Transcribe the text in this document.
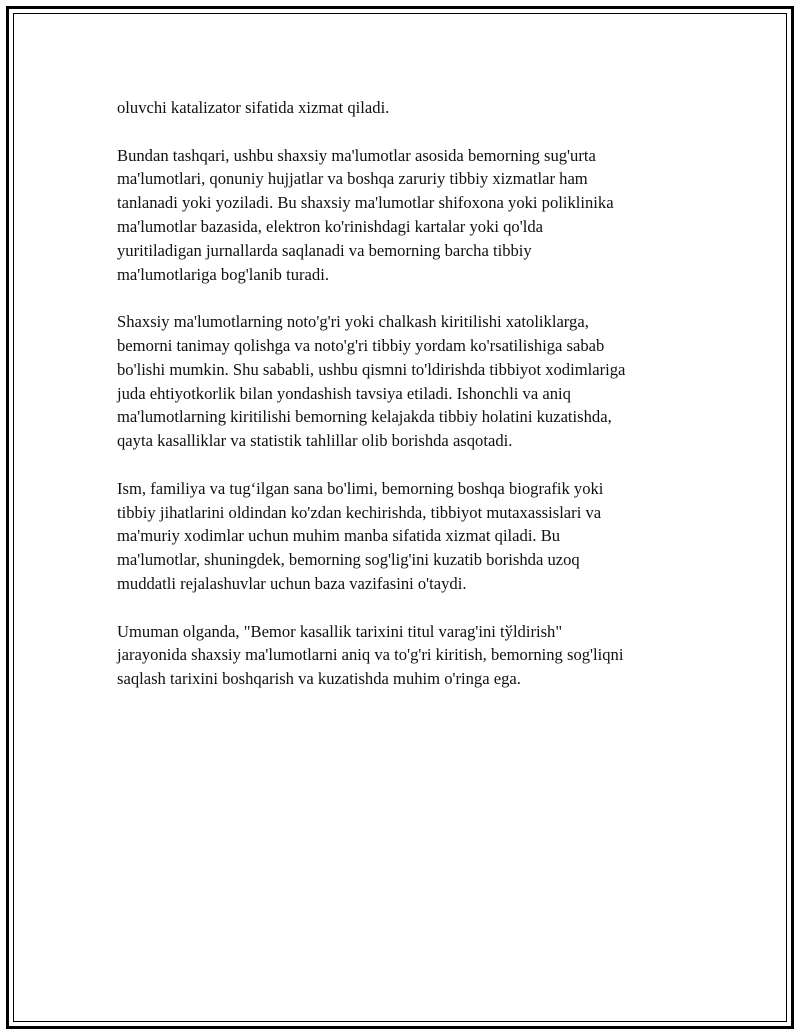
oluvchi katalizator sifatida xizmat qiladi.

Bundan tashqari, ushbu shaxsiy ma'lumotlar asosida bemorning sug'urta
ma'lumotlari, qonuniy hujjatlar va boshqa zaruriy tibbiy xizmatlar ham
tanlanadi yoki yoziladi. Bu shaxsiy ma'lumotlar shifoxona yoki poliklinika
ma'lumotlar bazasida, elektron ko'rinishdagi kartalar yoki qo'lda
yuritiladigan jurnallarda saqlanadi va bemorning barcha tibbiy
ma'lumotlariga bog'lanib turadi.

Shaxsiy ma'lumotlarning noto'g'ri yoki chalkash kiritilishi xatoliklarga,
bemorni tanimay qolishga va noto'g'ri tibbiy yordam ko'rsatilishiga sabab
bo'lishi mumkin. Shu sababli, ushbu qismni to'ldirishda tibbiyot xodimlariga
juda ehtiyotkorlik bilan yondashish tavsiya etiladi. Ishonchli va aniq
ma'lumotlarning kiritilishi bemorning kelajakda tibbiy holatini kuzatishda,
qayta kasalliklar va statistik tahlillar olib borishda asqotadi.

Ism, familiya va tug‘ilgan sana bo'limi, bemorning boshqa biografik yoki
tibbiy jihatlarini oldindan ko'zdan kechirishda, tibbiyot mutaxassislari va
ma'muriy xodimlar uchun muhim manba sifatida xizmat qiladi. Bu
ma'lumotlar, shuningdek, bemorning sog'lig'ini kuzatib borishda uzoq
muddatli rejalashuvlar uchun baza vazifasini o'taydi.

Umuman olganda, "Bemor kasallik tarixini titul varag'ini tўldirish"
jarayonida shaxsiy ma'lumotlarni aniq va to'g'ri kiritish, bemorning sog'liqni
saqlash tarixini boshqarish va kuzatishda muhim o'ringa ega.
